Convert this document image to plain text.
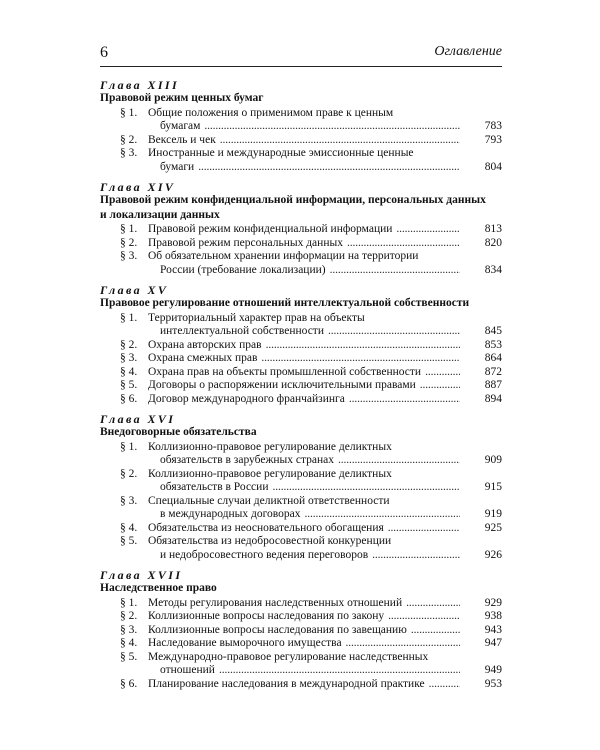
6	Оглавление
Глава XIII
Правовой режим ценных бумаг
§ 1. Общие положения о применимом праве к ценным
бумагам . . .	783
§ 2. Вексель и чек . . .	793
§ 3. Иностранные и международные эмиссионные ценные
бумаги . . .	804
Глава XIV
Правовой режим конфиденциальной информации, персональных данных
и локализации данных
§ 1. Правовой режим конфиденциальной информации . . .	813
§ 2. Правовой режим персональных данных . . .	820
§ 3. Об обязательном хранении информации на территории
России (требование локализации) . . .	834
Глава XV
Правовое регулирование отношений интеллектуальной собственности
§ 1. Территориальный характер прав на объекты
интеллектуальной собственности . . .	845
§ 2. Охрана авторских прав . . .	853
§ 3. Охрана смежных прав . . .	864
§ 4. Охрана прав на объекты промышленной собственности . . .	872
§ 5. Договоры о распоряжении исключительными правами . . .	887
§ 6. Договор международного франчайзинга . . .	894
Глава XVI
Внедоговорные обязательства
§ 1. Коллизионно-правовое регулирование деликтных
обязательств в зарубежных странах . . .	909
§ 2. Коллизионно-правовое регулирование деликтных
обязательств в России . . .	915
§ 3. Специальные случаи деликтной ответственности
в международных договорах . . .	919
§ 4. Обязательства из неосновательного обогащения . . .	925
§ 5. Обязательства из недобросовестной конкуренции
и недобросовестного ведения переговоров . . .	926
Глава XVII
Наследственное право
§ 1. Методы регулирования наследственных отношений . . .	929
§ 2. Коллизионные вопросы наследования по закону . . .	938
§ 3. Коллизионные вопросы наследования по завещанию . . .	943
§ 4. Наследование выморочного имущества . . .	947
§ 5. Международно-правовое регулирование наследственных
отношений . . .	949
§ 6. Планирование наследования в международной практике . . .	953
